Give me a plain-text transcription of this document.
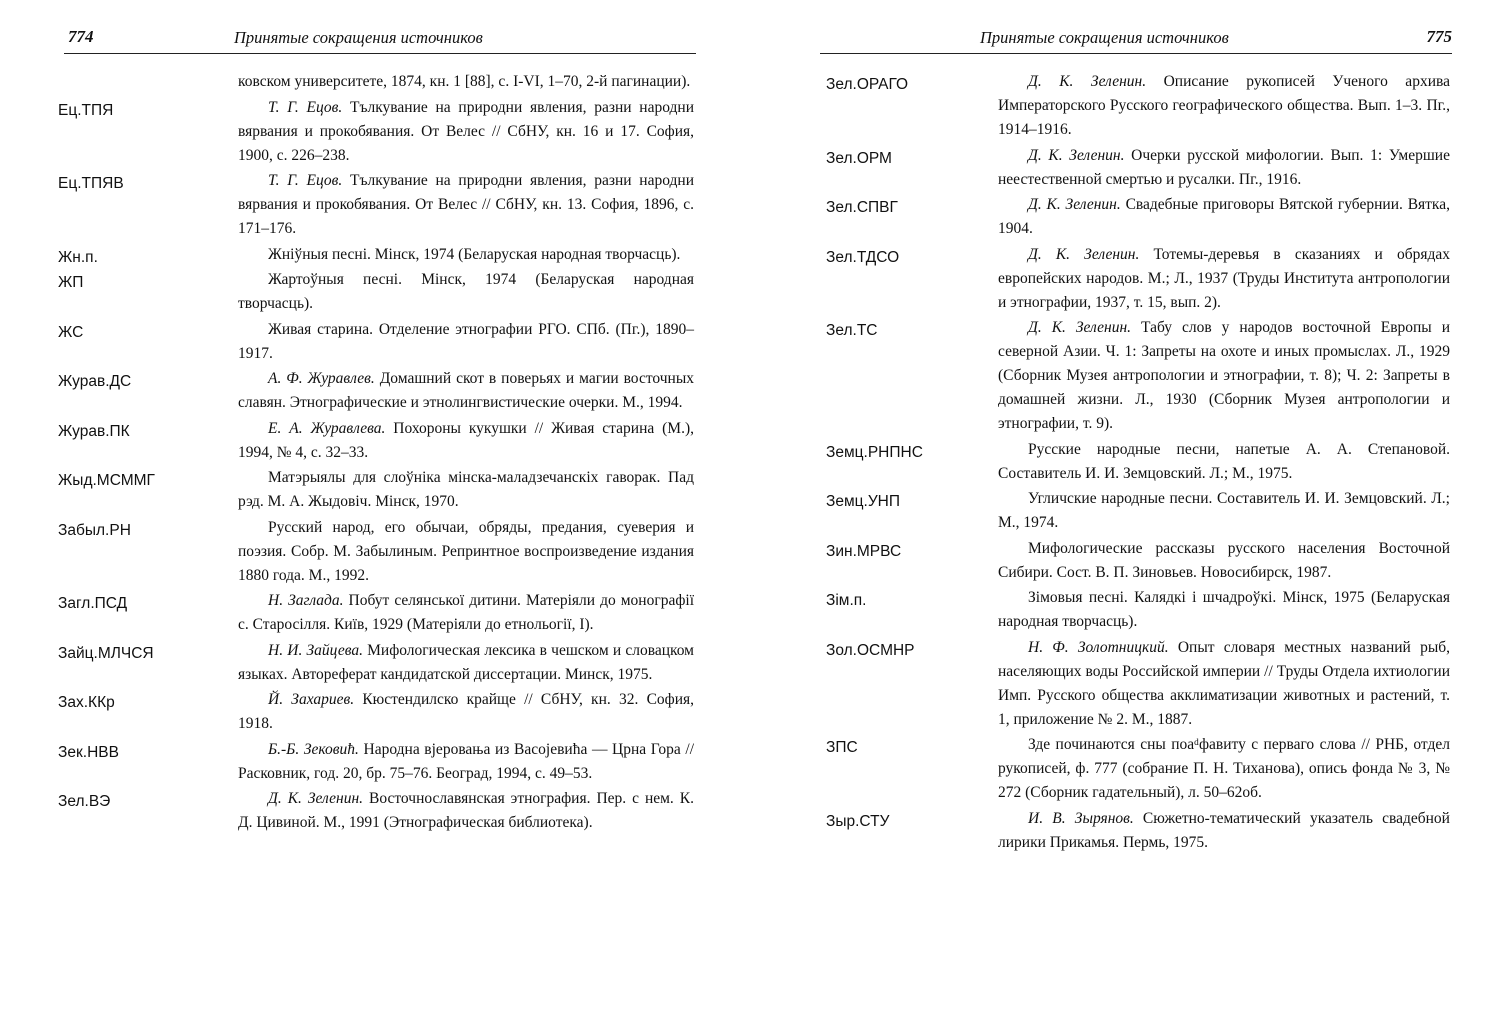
774	Принятые сокращения источников
ковском университете, 1874, кн. 1 [88], с. I-VI, 1–70, 2-й пагинации).
Ец.ТПЯ	Т. Г. Ецов. Тълкувание на природни явления, разни народни вярвания и прокобявания. От Велес // СбНУ, кн. 16 и 17. София, 1900, с. 226–238.
Ец.ТПЯВ	Т. Г. Ецов. Тълкувание на природни явления, разни народни вярвания и прокобявания. От Велес // СбНУ, кн. 13. София, 1896, с. 171–176.
Жн.п.	Жніўныя песні. Мінск, 1974 (Беларуская народная творчасць).
ЖП	Жартоўныя песні. Мінск, 1974 (Беларуская народная творчасць).
ЖС	Живая старина. Отделение этнографии РГО. СПб. (Пг.), 1890–1917.
Журав.ДС	А. Ф. Журавлев. Домашний скот в поверьях и магии восточных славян. Этнографические и этнолингвистические очерки. М., 1994.
Журав.ПК	Е. А. Журавлева. Похороны кукушки // Живая старина (М.), 1994, № 4, с. 32–33.
Жыд.МСММГ	Матэрыялы для слоўніка мінска-маладзечанскіх гаворак. Пад рэд. М. А. Жыдовіч. Мінск, 1970.
Забыл.РН	Русский народ, его обычаи, обряды, предания, суеверия и поэзия. Собр. М. Забылиным. Репринтное воспроизведение издания 1880 года. М., 1992.
Загл.ПСД	Н. Заглада. Побут селянської дитини. Матеріяли до монографії с. Старосілля. Київ, 1929 (Матеріяли до етнольогії, I).
Зайц.МЛЧСЯ	Н. И. Зайцева. Мифологическая лексика в чешском и словацком языках. Автореферат кандидатской диссертации. Минск, 1975.
Зах.ККр	Й. Захариев. Кюстендилско крайще // СбНУ, кн. 32. София, 1918.
Зек.НВВ	Б.-Б. Зековић. Народна вjеровања из Васоjевића — Црна Гора // Расковник, год. 20, бр. 75–76. Београд, 1994, с. 49–53.
Зел.ВЭ	Д. К. Зеленин. Восточнославянская этнография. Пер. с нем. К. Д. Цивиной. М., 1991 (Этнографическая библиотека).
775
Принятые сокращения источников
Зел.ОРАГО	Д. К. Зеленин. Описание рукописей Ученого архива Императорского Русского географического общества. Вып. 1–3. Пг., 1914–1916.
Зел.ОРМ	Д. К. Зеленин. Очерки русской мифологии. Вып. 1: Умершие неестественной смертью и русалки. Пг., 1916.
Зел.СПВГ	Д. К. Зеленин. Свадебные приговоры Вятской губернии. Вятка, 1904.
Зел.ТДСО	Д. К. Зеленин. Тотемы-деревья в сказаниях и обрядах европейских народов. М.; Л., 1937 (Труды Института антропологии и этнографии, 1937, т. 15, вып. 2).
Зел.ТС	Д. К. Зеленин. Табу слов у народов восточной Европы и северной Азии. Ч. 1: Запреты на охоте и иных промыслах. Л., 1929 (Сборник Музея антропологии и этнографии, т. 8); Ч. 2: Запреты в домашней жизни. Л., 1930 (Сборник Музея антропологии и этнографии, т. 9).
Земц.РНПНС	Русские народные песни, напетые А. А. Степановой. Составитель И. И. Земцовский. Л.; М., 1975.
Земц.УНП	Угличские народные песни. Составитель И. И. Земцовский. Л.; М., 1974.
Зин.МРВС	Мифологические рассказы русского населения Восточной Сибири. Сост. В. П. Зиновьев. Новосибирск, 1987.
Зім.п.	Зімовыя песні. Калядкі і шчадроўкі. Мінск, 1975 (Беларуская народная творчасць).
Зол.ОСМНР	Н. Ф. Золотницкий. Опыт словаря местных названий рыб, населяющих воды Российской империи // Труды Отдела ихтиологии Имп. Русского общества акклиматизации животных и растений, т. 1, приложение № 2. М., 1887.
ЗПС	Зде починаются сны поаᵈфавиту с перваго слова // РНБ, отдел рукописей, ф. 777 (собрание П. Н. Тиханова), опись фонда № 3, № 272 (Сборник гадательный), л. 50–62об.
Зыр.СТУ	И. В. Зырянов. Сюжетно-тематический указатель свадебной лирики Прикамья. Пермь, 1975.
